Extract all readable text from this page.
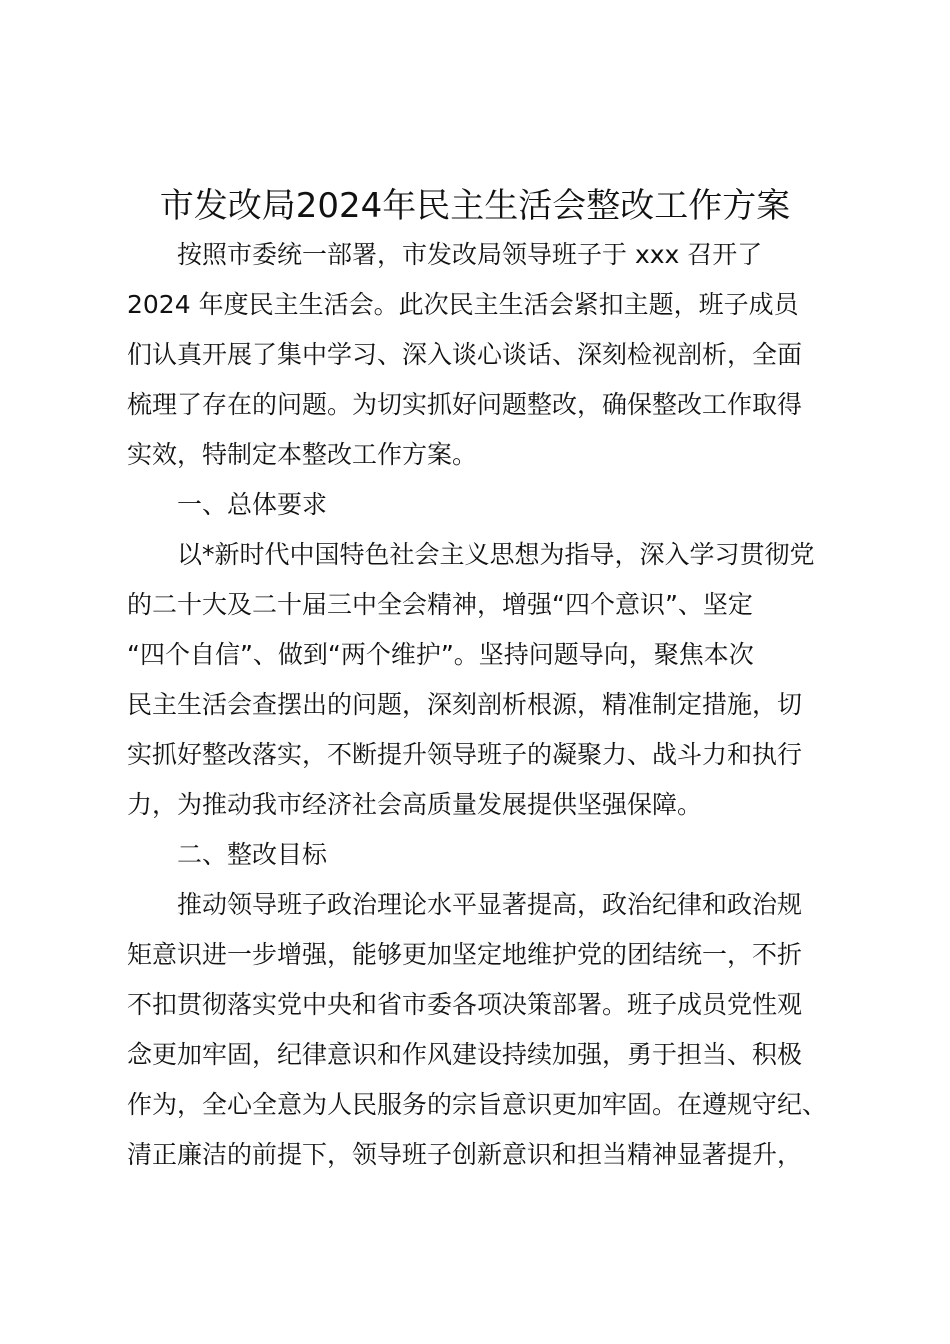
市发改局2024年民主生活会整改工作方案
按照市委统一部署，市发改局领导班子于 xxx 召开了
2024 年度民主生活会。此次民主生活会紧扣主题，班子成员
们认真开展了集中学习、深入谈心谈话、深刻检视剖析，全面
梳理了存在的问题。为切实抓好问题整改，确保整改工作取得
实效，特制定本整改工作方案。
一、总体要求
以*新时代中国特色社会主义思想为指导，深入学习贯彻党
的二十大及二十届三中全会精神，增强“四个意识”、坚定
“四个自信”、做到“两个维护”。坚持问题导向，聚焦本次
民主生活会查摆出的问题，深刻剖析根源，精准制定措施，切
实抓好整改落实，不断提升领导班子的凝聚力、战斗力和执行
力，为推动我市经济社会高质量发展提供坚强保障。
二、整改目标
推动领导班子政治理论水平显著提高，政治纪律和政治规
矩意识进一步增强，能够更加坚定地维护党的团结统一，不折
不扣贯彻落实党中央和省市委各项决策部署。班子成员党性观
念更加牢固，纪律意识和作风建设持续加强，勇于担当、积极
作为，全心全意为人民服务的宗旨意识更加牢固。在遵规守纪、
清正廉洁的前提下，领导班子创新意识和担当精神显著提升，
